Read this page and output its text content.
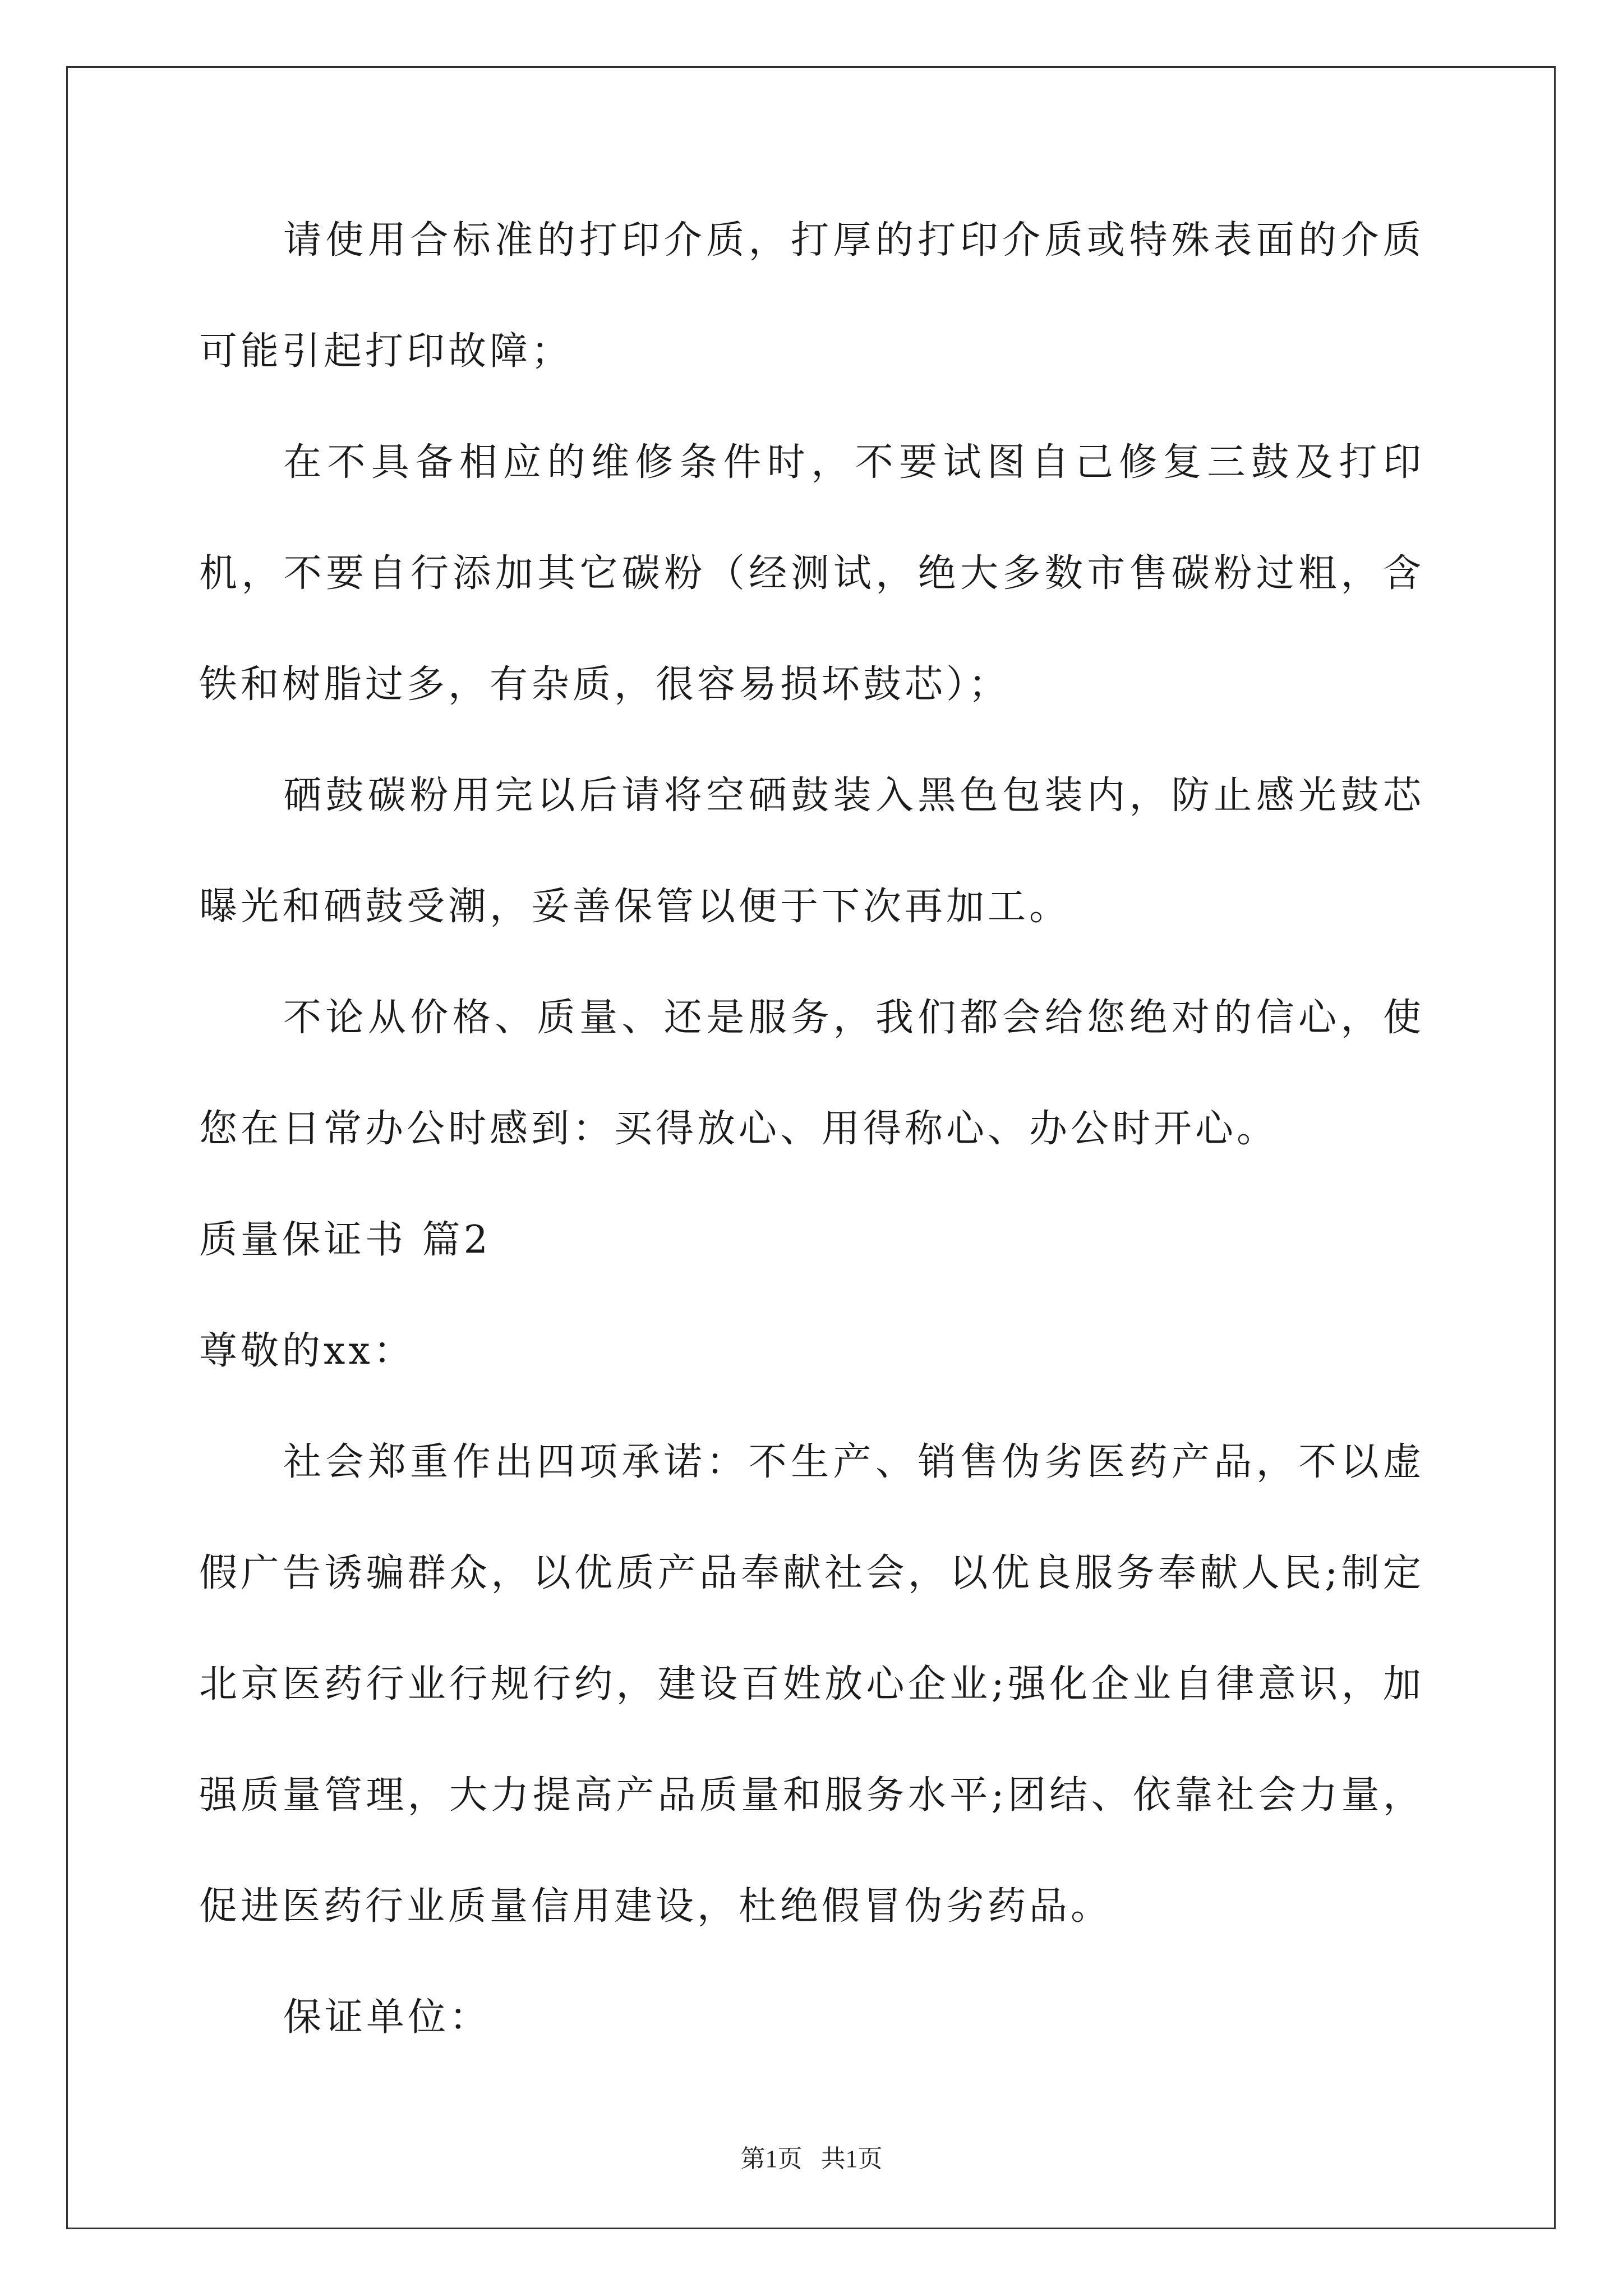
请使用合标准的打印介质，打厚的打印介质或特殊表面的介质可能引起打印故障；

在不具备相应的维修条件时，不要试图自己修复三鼓及打印机，不要自行添加其它碳粉（经测试，绝大多数市售碳粉过粗，含铁和树脂过多，有杂质，很容易损坏鼓芯）；

硒鼓碳粉用完以后请将空硒鼓装入黑色包装内，防止感光鼓芯曝光和硒鼓受潮，妥善保管以便于下次再加工。

不论从价格、质量、还是服务，我们都会给您绝对的信心，使您在日常办公时感到：买得放心、用得称心、办公时开心。

质量保证书 篇2

尊敬的xx：

社会郑重作出四项承诺：不生产、销售伪劣医药产品，不以虚假广告诱骗群众，以优质产品奉献社会，以优良服务奉献人民;制定北京医药行业行规行约，建设百姓放心企业;强化企业自律意识，加强质量管理，大力提高产品质量和服务水平;团结、依靠社会力量，促进医药行业质量信用建设，杜绝假冒伪劣药品。

保证单位：

第1页 共1页
